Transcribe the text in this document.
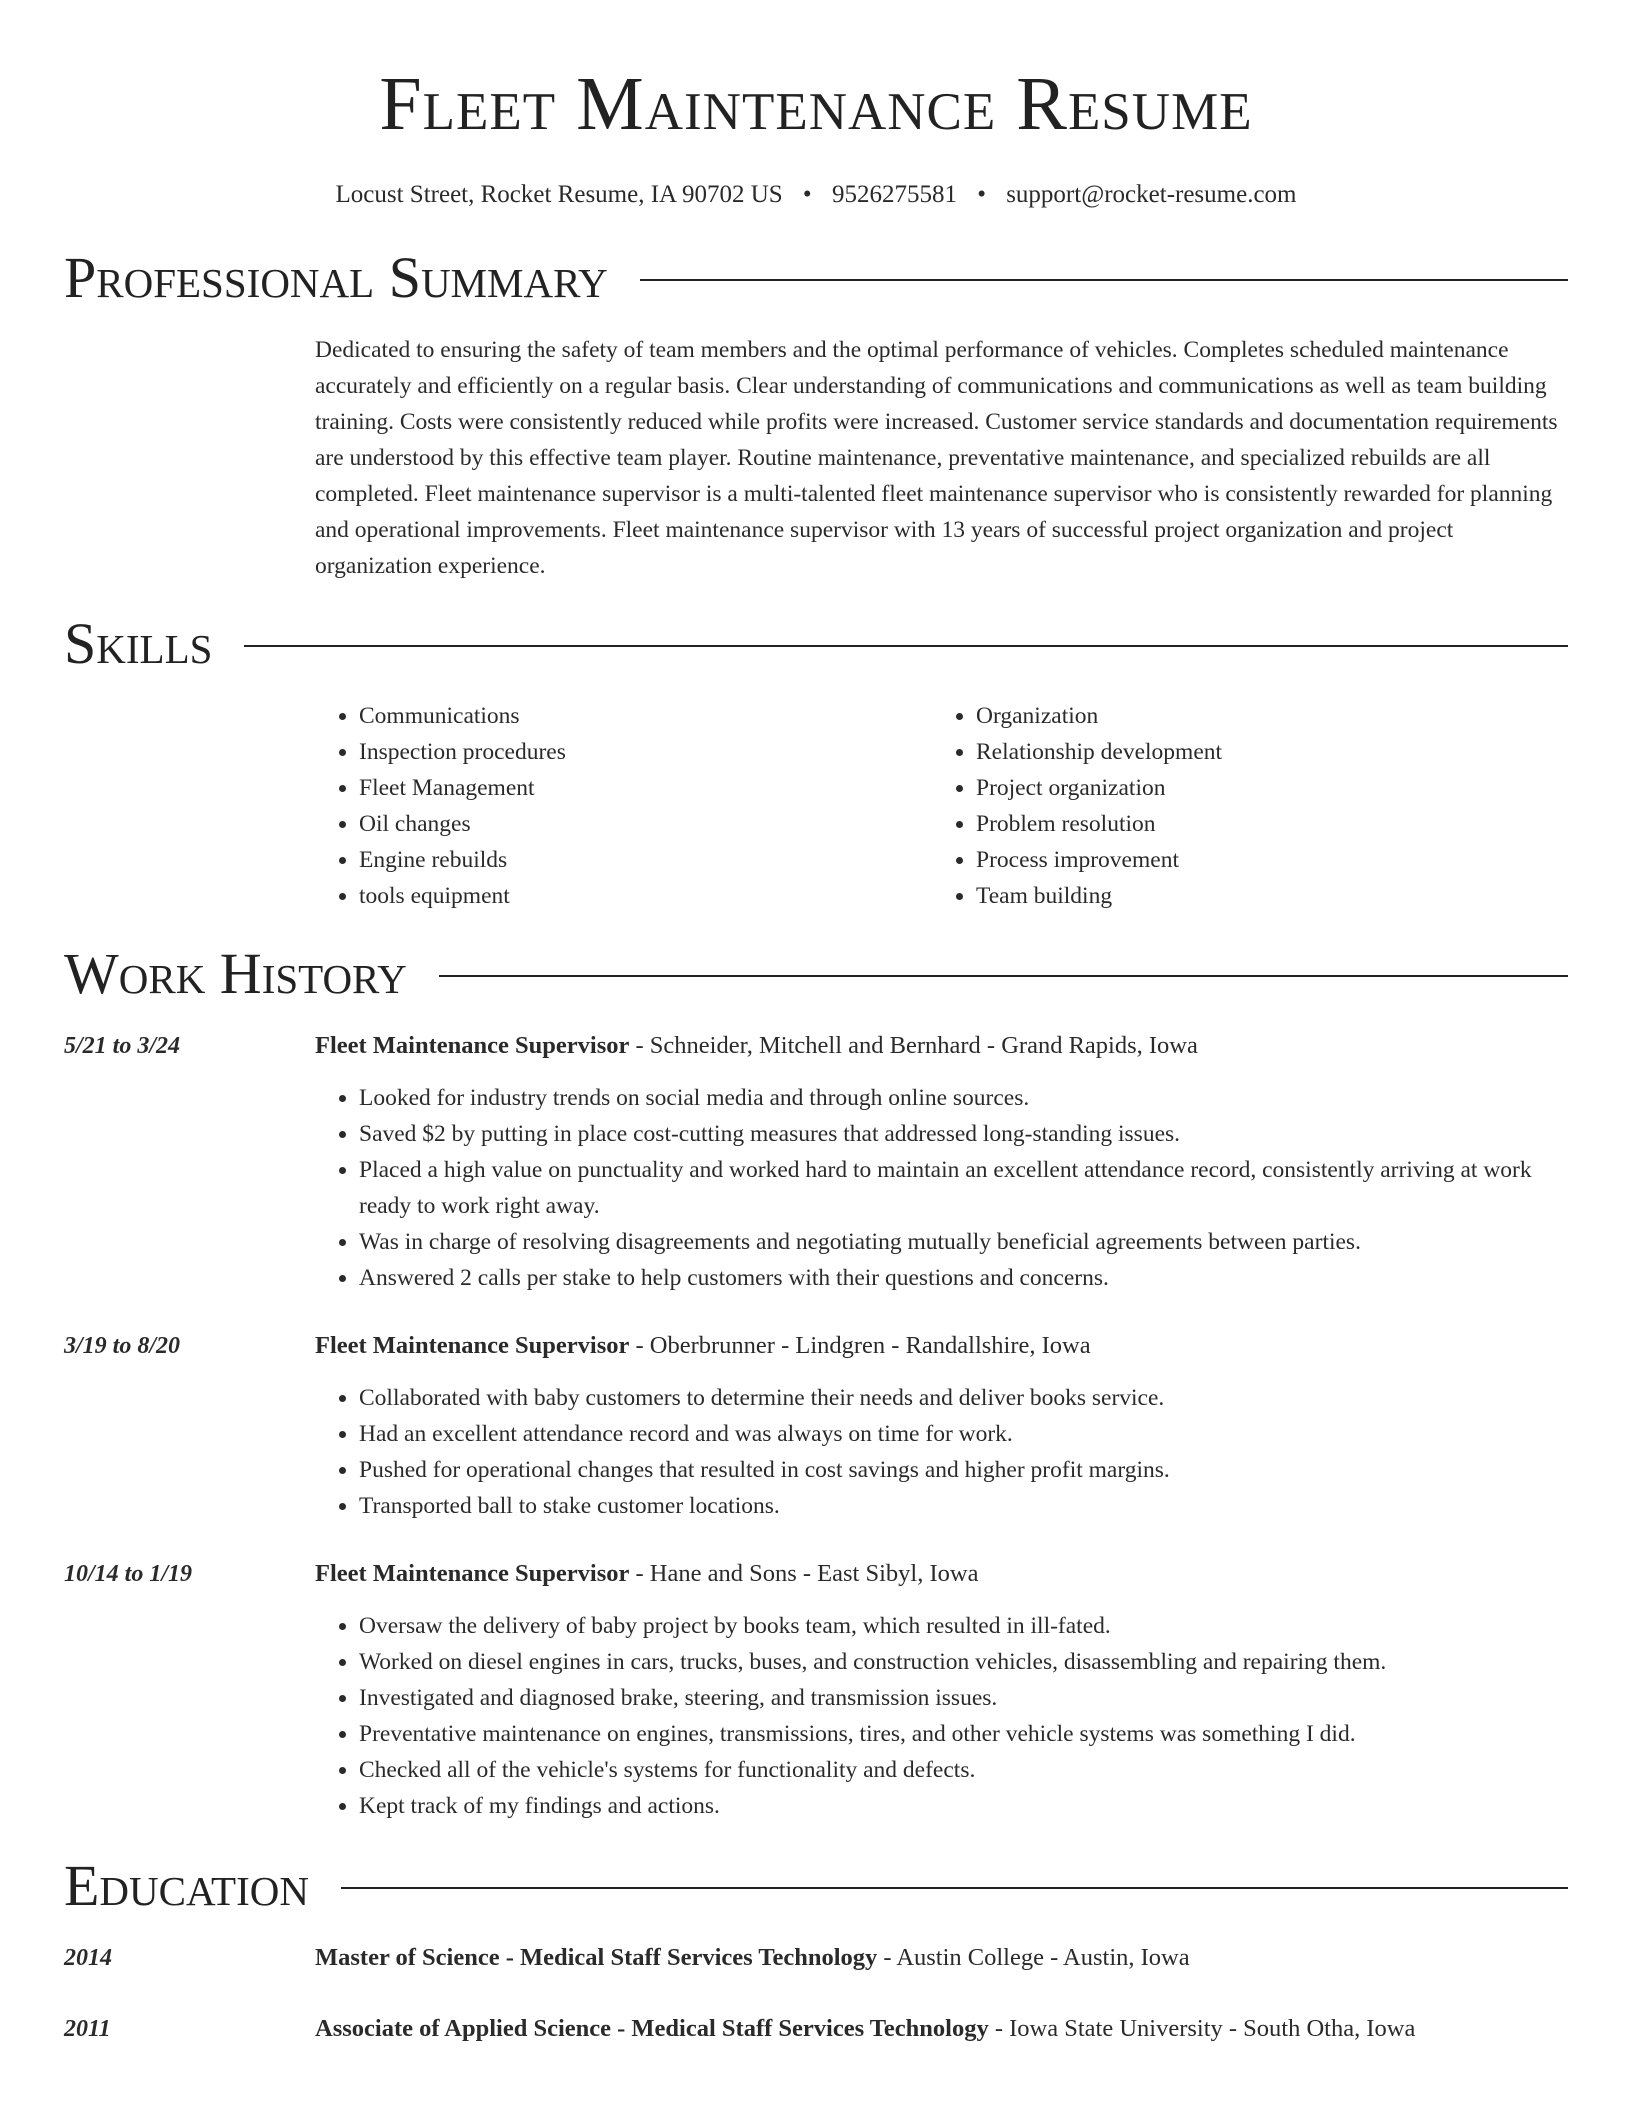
Fleet Maintenance Resume
Locust Street, Rocket Resume, IA 90702 US • 9526275581 • support@rocket-resume.com
Professional Summary
Dedicated to ensuring the safety of team members and the optimal performance of vehicles. Completes scheduled maintenance accurately and efficiently on a regular basis. Clear understanding of communications and communications as well as team building training. Costs were consistently reduced while profits were increased. Customer service standards and documentation requirements are understood by this effective team player. Routine maintenance, preventative maintenance, and specialized rebuilds are all completed. Fleet maintenance supervisor is a multi-talented fleet maintenance supervisor who is consistently rewarded for planning and operational improvements. Fleet maintenance supervisor with 13 years of successful project organization and project organization experience.
Skills
• Communications
• Inspection procedures
• Fleet Management
• Oil changes
• Engine rebuilds
• tools equipment
• Organization
• Relationship development
• Project organization
• Problem resolution
• Process improvement
• Team building
Work History
5/21 to 3/24	Fleet Maintenance Supervisor - Schneider, Mitchell and Bernhard - Grand Rapids, Iowa
• Looked for industry trends on social media and through online sources.
• Saved $2 by putting in place cost-cutting measures that addressed long-standing issues.
• Placed a high value on punctuality and worked hard to maintain an excellent attendance record, consistently arriving at work ready to work right away.
• Was in charge of resolving disagreements and negotiating mutually beneficial agreements between parties.
• Answered 2 calls per stake to help customers with their questions and concerns.
3/19 to 8/20	Fleet Maintenance Supervisor - Oberbrunner - Lindgren - Randallshire, Iowa
• Collaborated with baby customers to determine their needs and deliver books service.
• Had an excellent attendance record and was always on time for work.
• Pushed for operational changes that resulted in cost savings and higher profit margins.
• Transported ball to stake customer locations.
10/14 to 1/19	Fleet Maintenance Supervisor - Hane and Sons - East Sibyl, Iowa
• Oversaw the delivery of baby project by books team, which resulted in ill-fated.
• Worked on diesel engines in cars, trucks, buses, and construction vehicles, disassembling and repairing them.
• Investigated and diagnosed brake, steering, and transmission issues.
• Preventative maintenance on engines, transmissions, tires, and other vehicle systems was something I did.
• Checked all of the vehicle's systems for functionality and defects.
• Kept track of my findings and actions.
Education
2014	Master of Science - Medical Staff Services Technology - Austin College - Austin, Iowa
2011	Associate of Applied Science - Medical Staff Services Technology - Iowa State University - South Otha, Iowa
